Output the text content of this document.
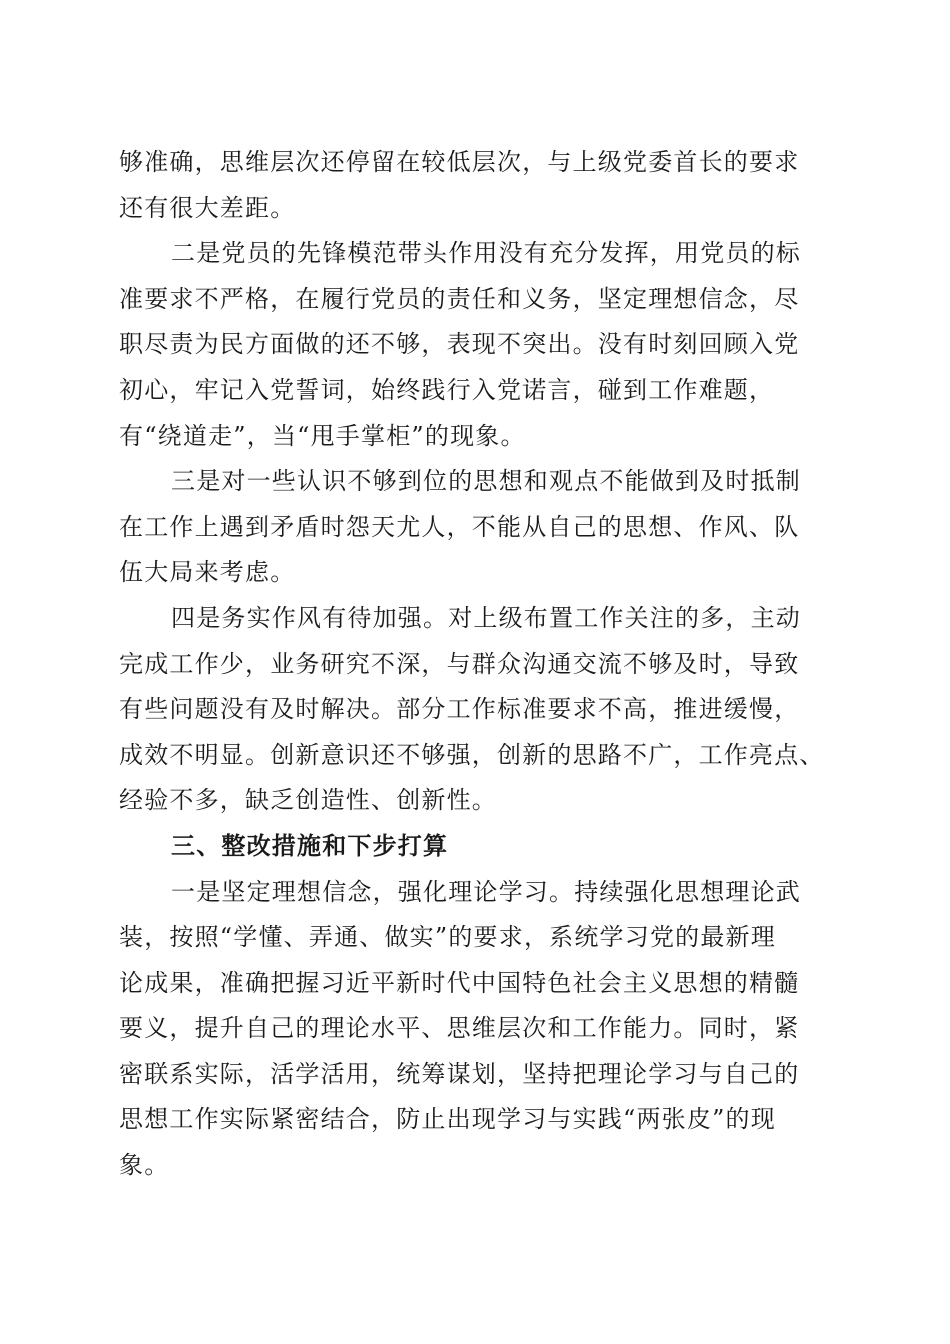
够准确，思维层次还停留在较低层次，与上级党委首长的要求
还有很大差距。
二是党员的先锋模范带头作用没有充分发挥，用党员的标
准要求不严格，在履行党员的责任和义务，坚定理想信念，尽
职尽责为民方面做的还不够，表现不突出。没有时刻回顾入党
初心，牢记入党誓词，始终践行入党诺言，碰到工作难题，
有“绕道走”，当“甩手掌柜”的现象。
三是对一些认识不够到位的思想和观点不能做到及时抵制
在工作上遇到矛盾时怨天尤人，不能从自己的思想、作风、队
伍大局来考虑。
四是务实作风有待加强。对上级布置工作关注的多，主动
完成工作少，业务研究不深，与群众沟通交流不够及时，导致
有些问题没有及时解决。部分工作标准要求不高，推进缓慢，
成效不明显。创新意识还不够强，创新的思路不广，工作亮点、
经验不多，缺乏创造性、创新性。
三、整改措施和下步打算
一是坚定理想信念，强化理论学习。持续强化思想理论武
装，按照“学懂、弄通、做实”的要求，系统学习党的最新理
论成果，准确把握习近平新时代中国特色社会主义思想的精髓
要义，提升自己的理论水平、思维层次和工作能力。同时，紧
密联系实际，活学活用，统筹谋划，坚持把理论学习与自己的
思想工作实际紧密结合，防止出现学习与实践“两张皮”的现
象。
